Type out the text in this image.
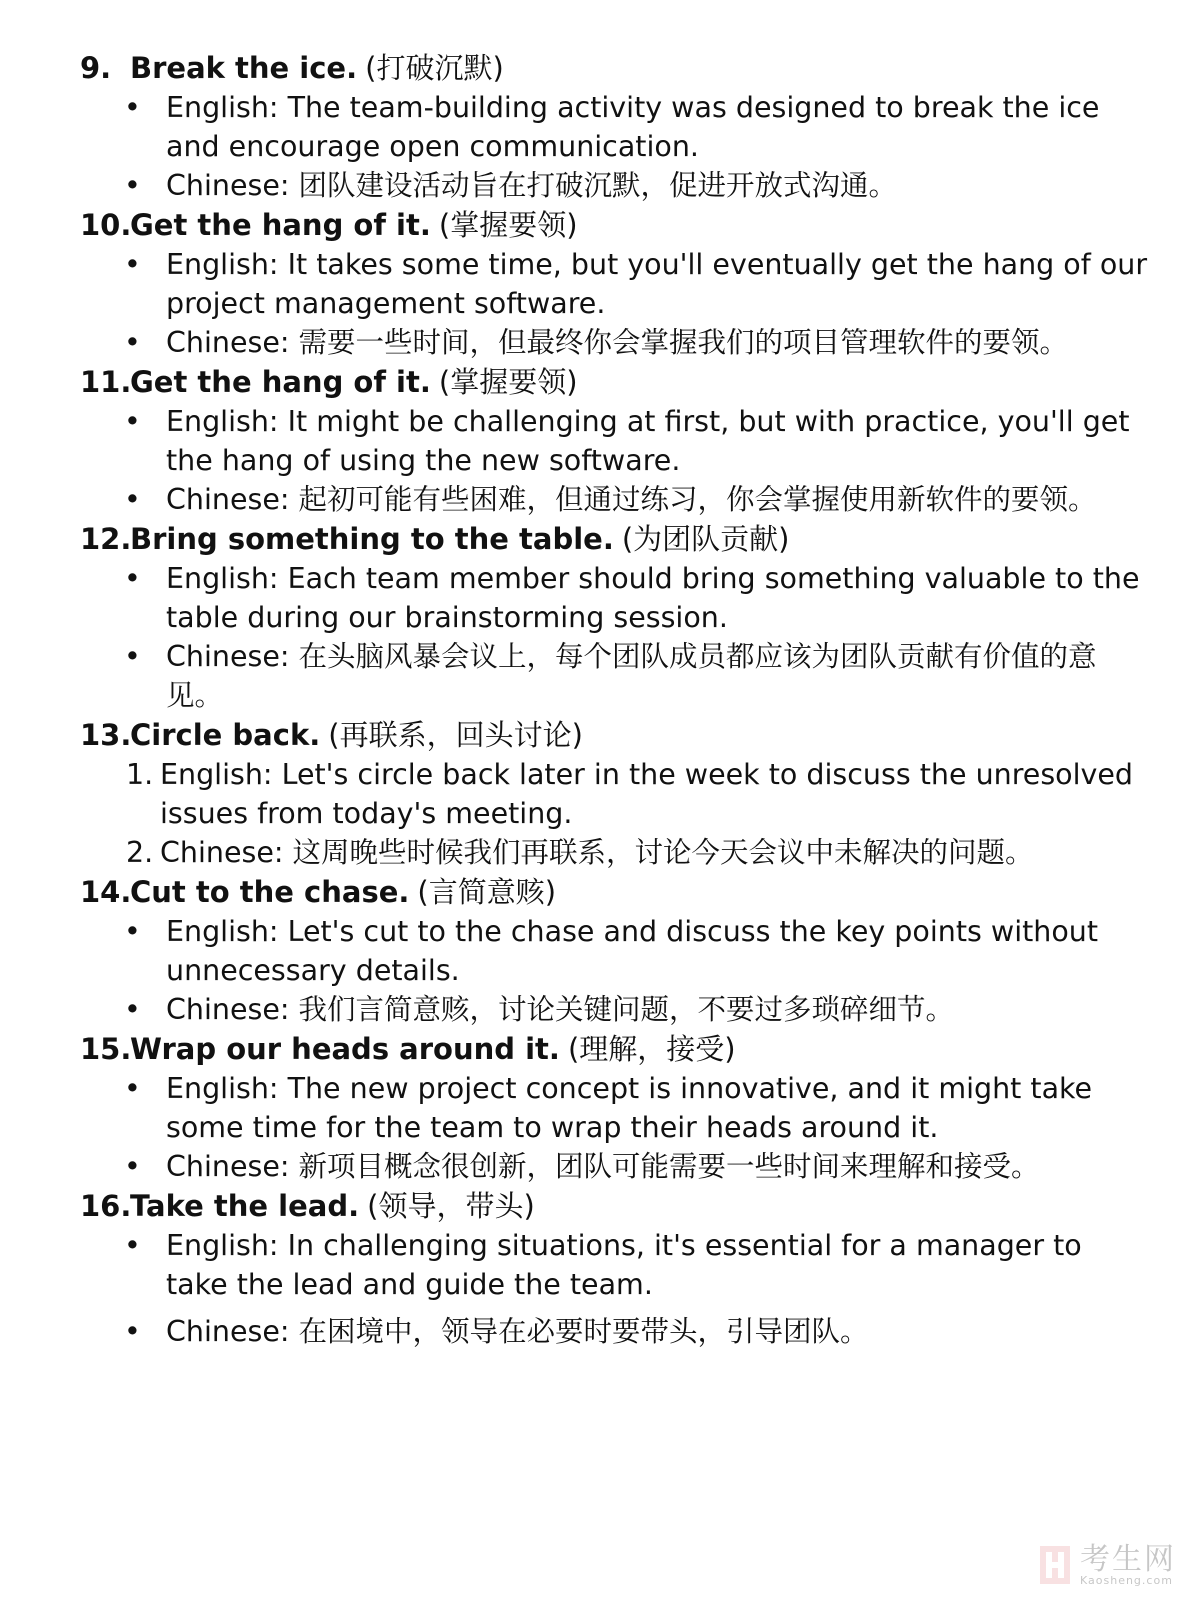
9. Break the ice. (打破沉默)
• English: The team-building activity was designed to break the ice and encourage open communication.
• Chinese: 团队建设活动旨在打破沉默，促进开放式沟通。
10.
Get the hang of it. (掌握要领)
• English: It takes some time, but you'll eventually get the hang of our project management software.
• Chinese: 需要一些时间，但最终你会掌握我们的项目管理软件的要领。
11.
Get the hang of it. (掌握要领)
• English: It might be challenging at first, but with practice, you'll get the hang of using the new software.
• Chinese: 起初可能有些困难，但通过练习，你会掌握使用新软件的要领。
12.
Bring something to the table. (为团队贡献)
• English: Each team member should bring something valuable to the table during our brainstorming session.
• Chinese: 在头脑风暴会议上，每个团队成员都应该为团队贡献有价值的意见。
13.
Circle back. (再联系，回头讨论)
1. English: Let's circle back later in the week to discuss the unresolved issues from today's meeting.
2. Chinese: 这周晚些时候我们再联系，讨论今天会议中未解决的问题。
14.
Cut to the chase. (言简意赅)
• English: Let's cut to the chase and discuss the key points without unnecessary details.
• Chinese: 我们言简意赅，讨论关键问题，不要过多琐碎细节。
15.
Wrap our heads around it. (理解，接受)
• English: The new project concept is innovative, and it might take some time for the team to wrap their heads around it.
• Chinese: 新项目概念很创新，团队可能需要一些时间来理解和接受。
16.
Take the lead. (领导，带头)
• English: In challenging situations, it's essential for a manager to take the lead and guide the team.
• Chinese: 在困境中，领导在必要时要带头，引导团队。
考生网
Kaosheng.com
